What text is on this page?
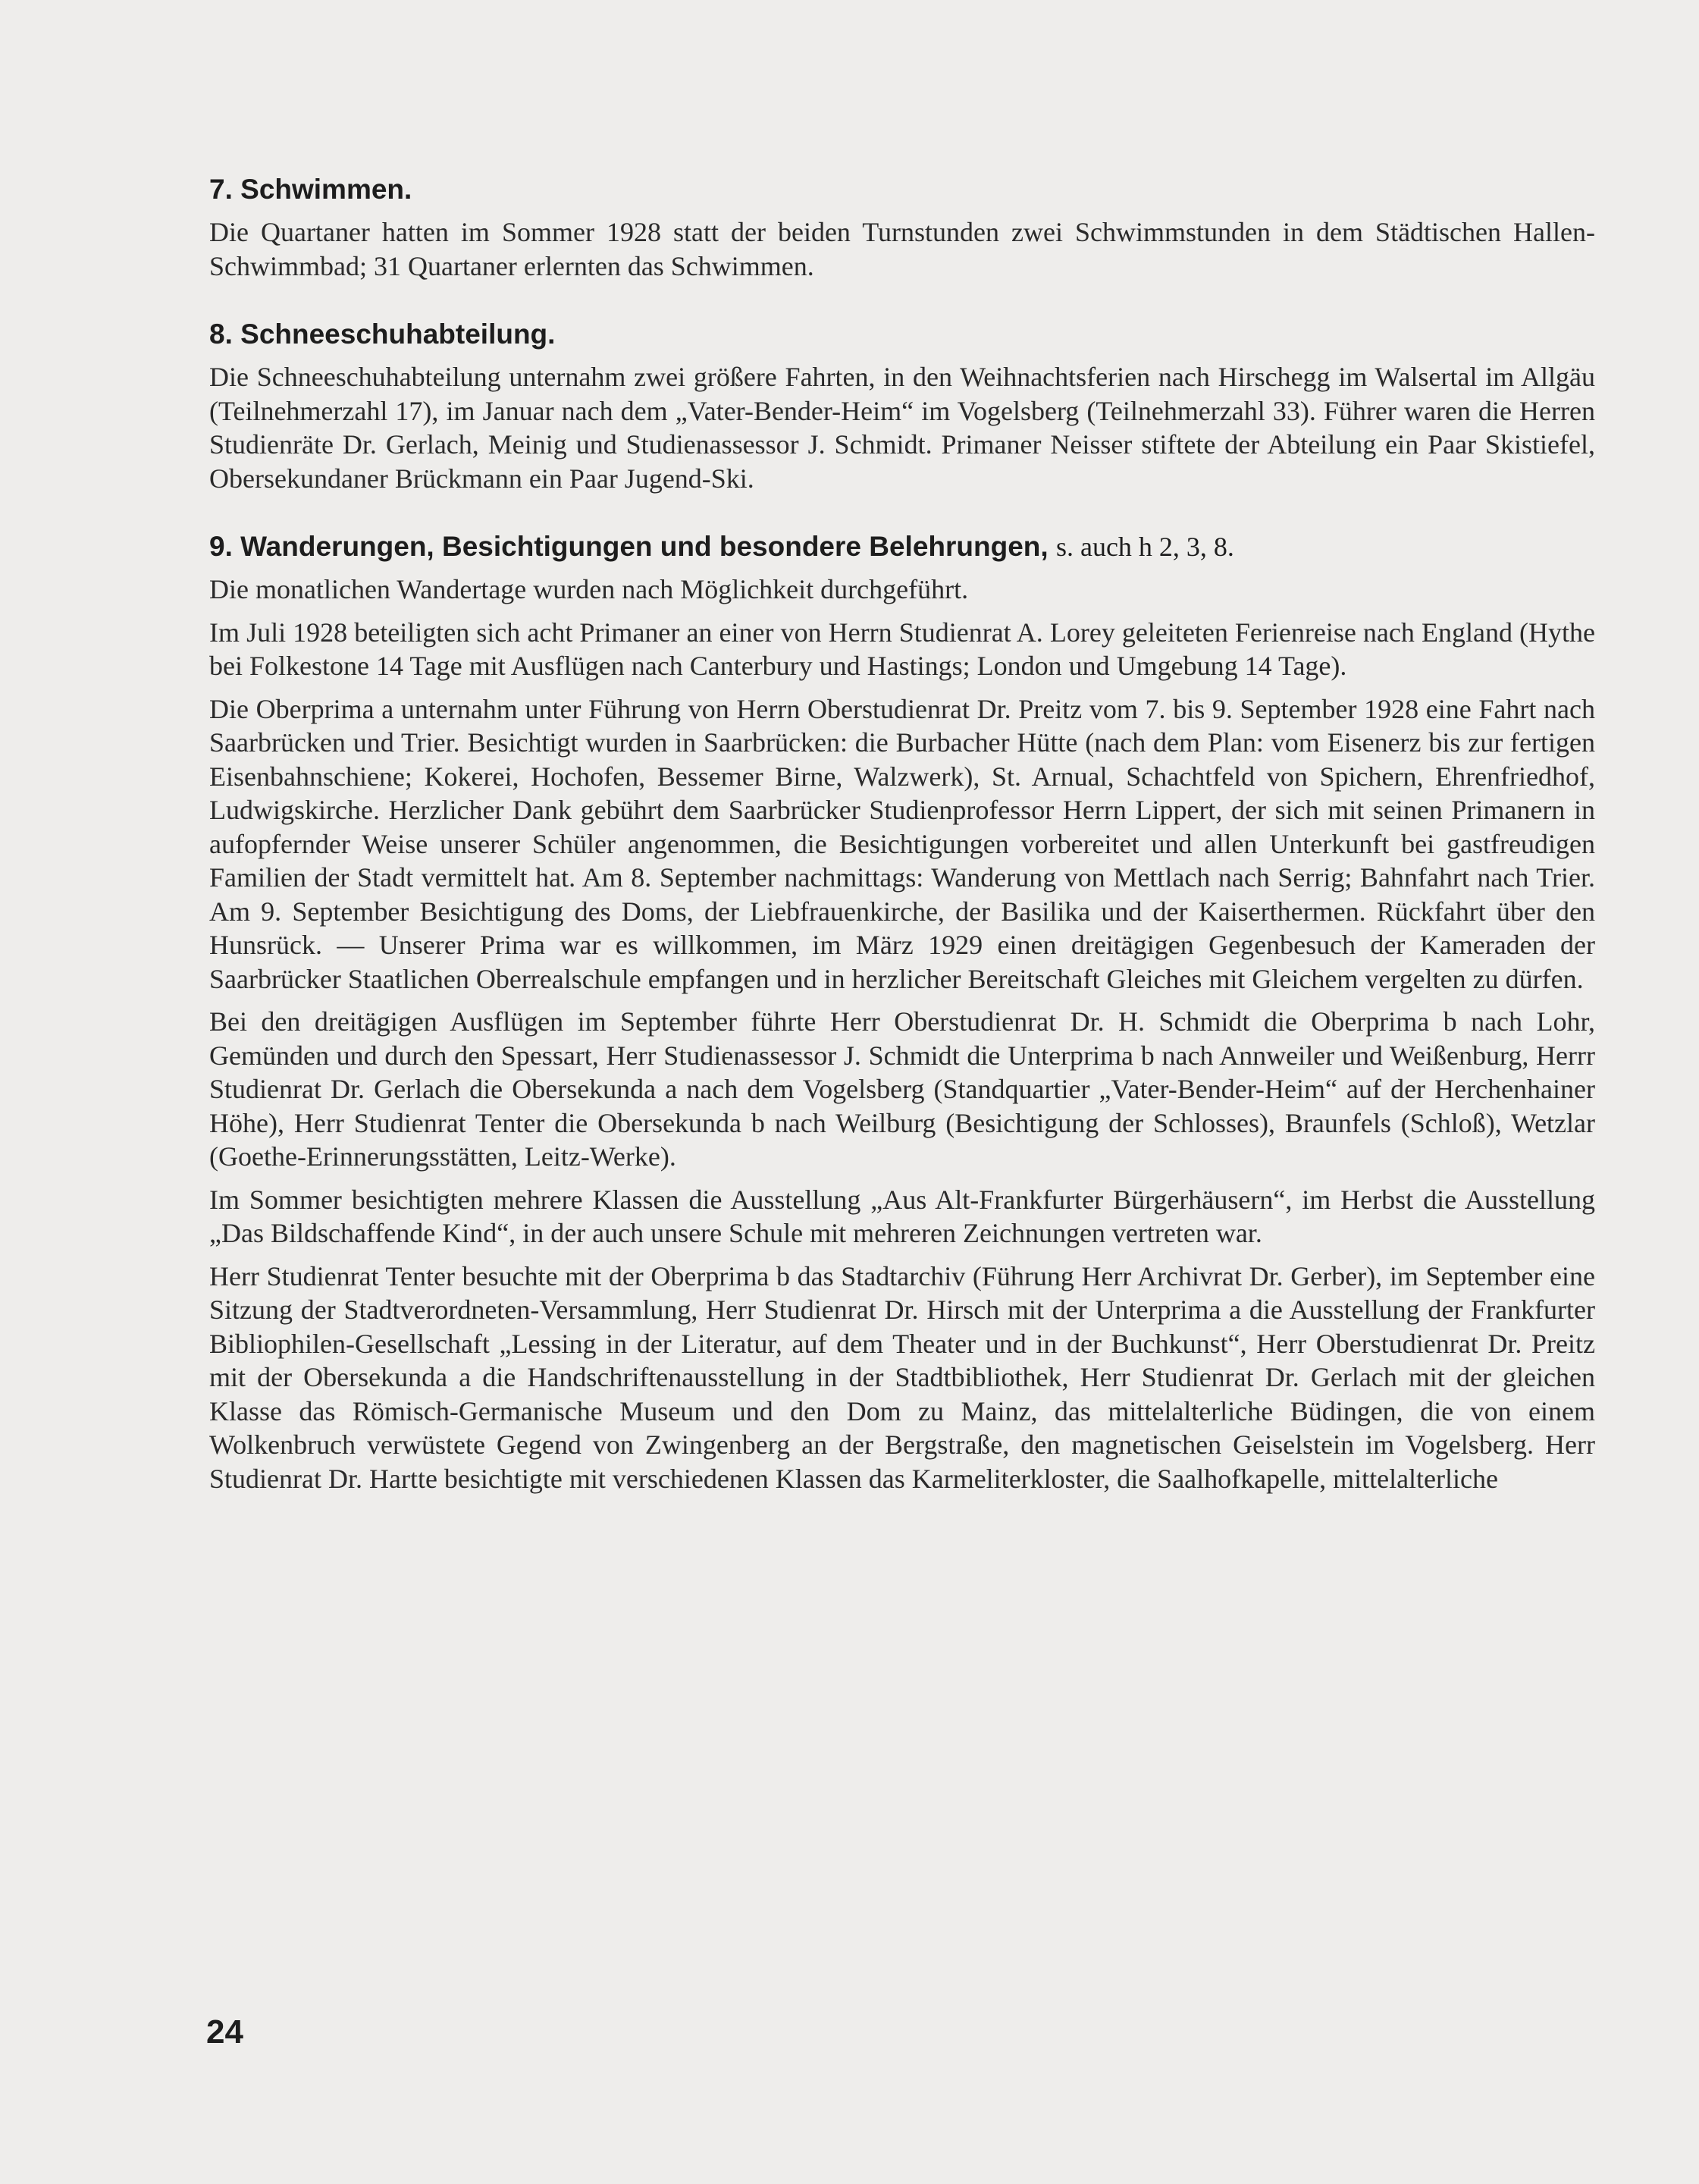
7. Schwimmen.

Die Quartaner hatten im Sommer 1928 statt der beiden Turnstunden zwei Schwimmstunden in dem Städtischen Hallen-Schwimmbad; 31 Quartaner erlernten das Schwimmen.

8. Schneeschuhabteilung.

Die Schneeschuhabteilung unternahm zwei größere Fahrten, in den Weihnachtsferien nach Hirschegg im Walsertal im Allgäu (Teilnehmerzahl 17), im Januar nach dem „Vater-Bender-Heim“ im Vogelsberg (Teilnehmerzahl 33). Führer waren die Herren Studienräte Dr. Gerlach, Meinig und Studienassessor J. Schmidt. Primaner Neisser stiftete der Abteilung ein Paar Skistiefel, Obersekundaner Brückmann ein Paar Jugend-Ski.

9. Wanderungen, Besichtigungen und besondere Belehrungen, s. auch h 2, 3, 8.

Die monatlichen Wandertage wurden nach Möglichkeit durchgeführt.

Im Juli 1928 beteiligten sich acht Primaner an einer von Herrn Studienrat A. Lorey geleiteten Ferienreise nach England (Hythe bei Folkestone 14 Tage mit Ausflügen nach Canterbury und Hastings; London und Umgebung 14 Tage).

Die Oberprima a unternahm unter Führung von Herrn Oberstudienrat Dr. Preitz vom 7. bis 9. September 1928 eine Fahrt nach Saarbrücken und Trier. Besichtigt wurden in Saarbrücken: die Burbacher Hütte (nach dem Plan: vom Eisenerz bis zur fertigen Eisenbahnschiene; Kokerei, Hochofen, Bessemer Birne, Walzwerk), St. Arnual, Schachtfeld von Spichern, Ehrenfriedhof, Ludwigskirche. Herzlicher Dank gebührt dem Saarbrücker Studienprofessor Herrn Lippert, der sich mit seinen Primanern in aufopfernder Weise unserer Schüler angenommen, die Besichtigungen vorbereitet und allen Unterkunft bei gastfreudigen Familien der Stadt vermittelt hat. Am 8. September nachmittags: Wanderung von Mettlach nach Serrig; Bahnfahrt nach Trier. Am 9. September Besichtigung des Doms, der Liebfrauenkirche, der Basilika und der Kaiserthermen. Rückfahrt über den Hunsrück. — Unserer Prima war es willkommen, im März 1929 einen dreitägigen Gegenbesuch der Kameraden der Saarbrücker Staatlichen Oberrealschule empfangen und in herzlicher Bereitschaft Gleiches mit Gleichem vergelten zu dürfen.

Bei den dreitägigen Ausflügen im September führte Herr Oberstudienrat Dr. H. Schmidt die Oberprima b nach Lohr, Gemünden und durch den Spessart, Herr Studienassessor J. Schmidt die Unterprima b nach Annweiler und Weißenburg, Herrr Studienrat Dr. Gerlach die Obersekunda a nach dem Vogelsberg (Standquartier „Vater-Bender-Heim“ auf der Herchenhainer Höhe), Herr Studienrat Tenter die Obersekunda b nach Weilburg (Besichtigung der Schlosses), Braunfels (Schloß), Wetzlar (Goethe-Erinnerungsstätten, Leitz-Werke).

Im Sommer besichtigten mehrere Klassen die Ausstellung „Aus Alt-Frankfurter Bürgerhäusern“, im Herbst die Ausstellung „Das Bildschaffende Kind“, in der auch unsere Schule mit mehreren Zeichnungen vertreten war.

Herr Studienrat Tenter besuchte mit der Oberprima b das Stadtarchiv (Führung Herr Archivrat Dr. Gerber), im September eine Sitzung der Stadtverordneten-Versammlung, Herr Studienrat Dr. Hirsch mit der Unterprima a die Ausstellung der Frankfurter Bibliophilen-Gesellschaft „Lessing in der Literatur, auf dem Theater und in der Buchkunst“, Herr Oberstudienrat Dr. Preitz mit der Obersekunda a die Handschriftenausstellung in der Stadtbibliothek, Herr Studienrat Dr. Gerlach mit der gleichen Klasse das Römisch-Germanische Museum und den Dom zu Mainz, das mittelalterliche Büdingen, die von einem Wolkenbruch verwüstete Gegend von Zwingenberg an der Bergstraße, den magnetischen Geiselstein im Vogelsberg. Herr Studienrat Dr. Hartte besichtigte mit verschiedenen Klassen das Karmeliterkloster, die Saalhofkapelle, mittelalterliche

24
